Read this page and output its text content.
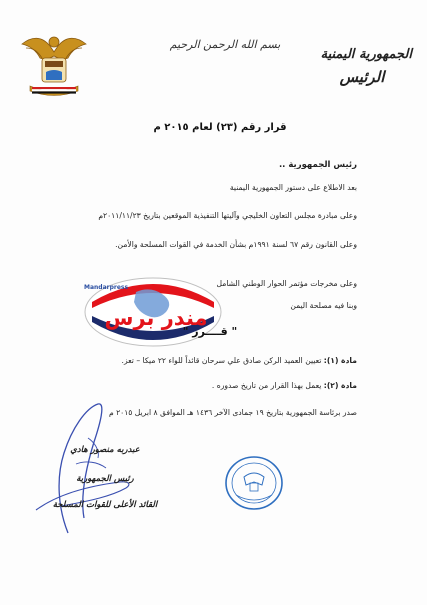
بسم الله الرحمن الرحيم
الجمهورية اليمنية
الرئيس
قرار رقم (٢٣) لعام ٢٠١٥ م
رئيس الجمهورية ..
بعد الاطلاع على دستور الجمهورية اليمنية
وعلى مبادرة مجلس التعاون الخليجي وآليتها التنفيذية الموقعين بتاريخ ٢٠١١/١١/٢٣م
وعلى القانون رقم ٦٧ لسنة ١٩٩١م بشأن الخدمة في القوات المسلحة والأمن.
وعلى مخرجات مؤتمر الحوار الوطني الشامل
وبنا فيه مصلحة اليمن
Mandarpress
مندر برس
" قــــرر "
مادة (١): تعيين العميد الركن صادق علي سرحان قائداً للواء ٢٢ ميكا – تعز.
مادة (٢): يعمل بهذا القرار من تاريخ صدوره .
صدر برئاسة الجمهورية بتاريخ ١٩ جمادى الآخر ١٤٣٦ هـ الموافق ٨ ابريل ٢٠١٥ م
عبدربه منصور هادي
رئيس الجمهورية
القائد الأعلى للقوات المسلحة
